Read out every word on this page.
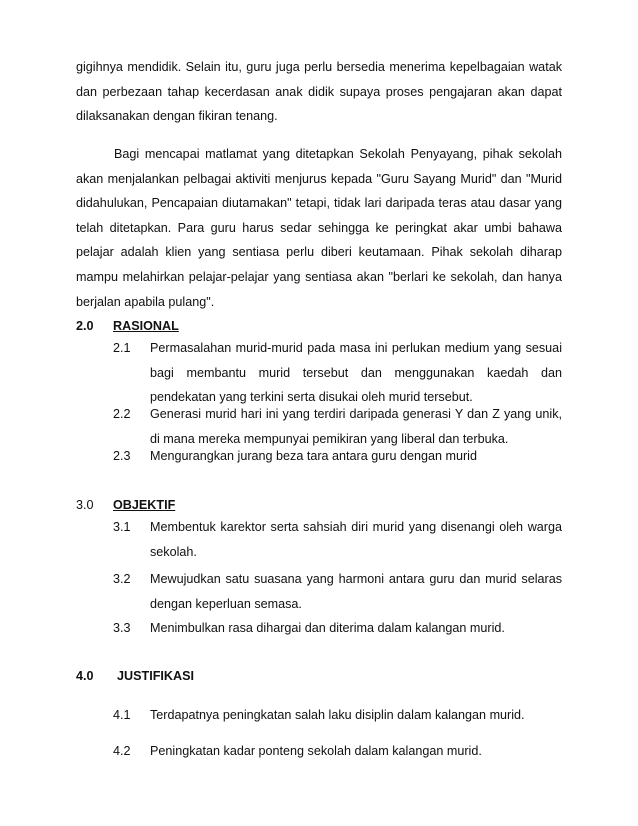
gigihnya mendidik. Selain itu, guru juga perlu bersedia menerima kepelbagaian watak dan perbezaan tahap kecerdasan anak didik supaya proses pengajaran akan dapat dilaksanakan dengan fikiran tenang.

Bagi mencapai matlamat yang ditetapkan Sekolah Penyayang, pihak sekolah akan menjalankan pelbagai aktiviti menjurus kepada "Guru Sayang Murid" dan "Murid didahulukan, Pencapaian diutamakan" tetapi, tidak lari daripada teras atau dasar yang telah ditetapkan. Para guru harus sedar sehingga ke peringkat akar umbi bahawa pelajar adalah klien yang sentiasa perlu diberi keutamaan. Pihak sekolah diharap mampu melahirkan pelajar-pelajar yang sentiasa akan "berlari ke sekolah, dan hanya berjalan apabila pulang".

2.0 RASIONAL
2.1 Permasalahan murid-murid pada masa ini perlukan medium yang sesuai bagi membantu murid tersebut dan menggunakan kaedah dan pendekatan yang terkini serta disukai oleh murid tersebut.

2.2 Generasi murid hari ini yang terdiri daripada generasi Y dan Z yang unik, di mana mereka mempunyai pemikiran yang liberal dan terbuka.

2.3 Mengurangkan jurang beza tara antara guru dengan murid
3.0 OBJEKTIF
3.1 Membentuk karektor serta sahsiah diri murid yang disenangi oleh warga sekolah.

3.2 Mewujudkan satu suasana yang harmoni antara guru dan murid selaras dengan keperluan semasa.

3.3 Menimbulkan rasa dihargai dan diterima dalam kalangan murid.
4.0 JUSTIFIKASI
4.1 Terdapatnya peningkatan salah laku disiplin dalam kalangan murid.
4.2 Peningkatan kadar ponteng sekolah dalam kalangan murid.
